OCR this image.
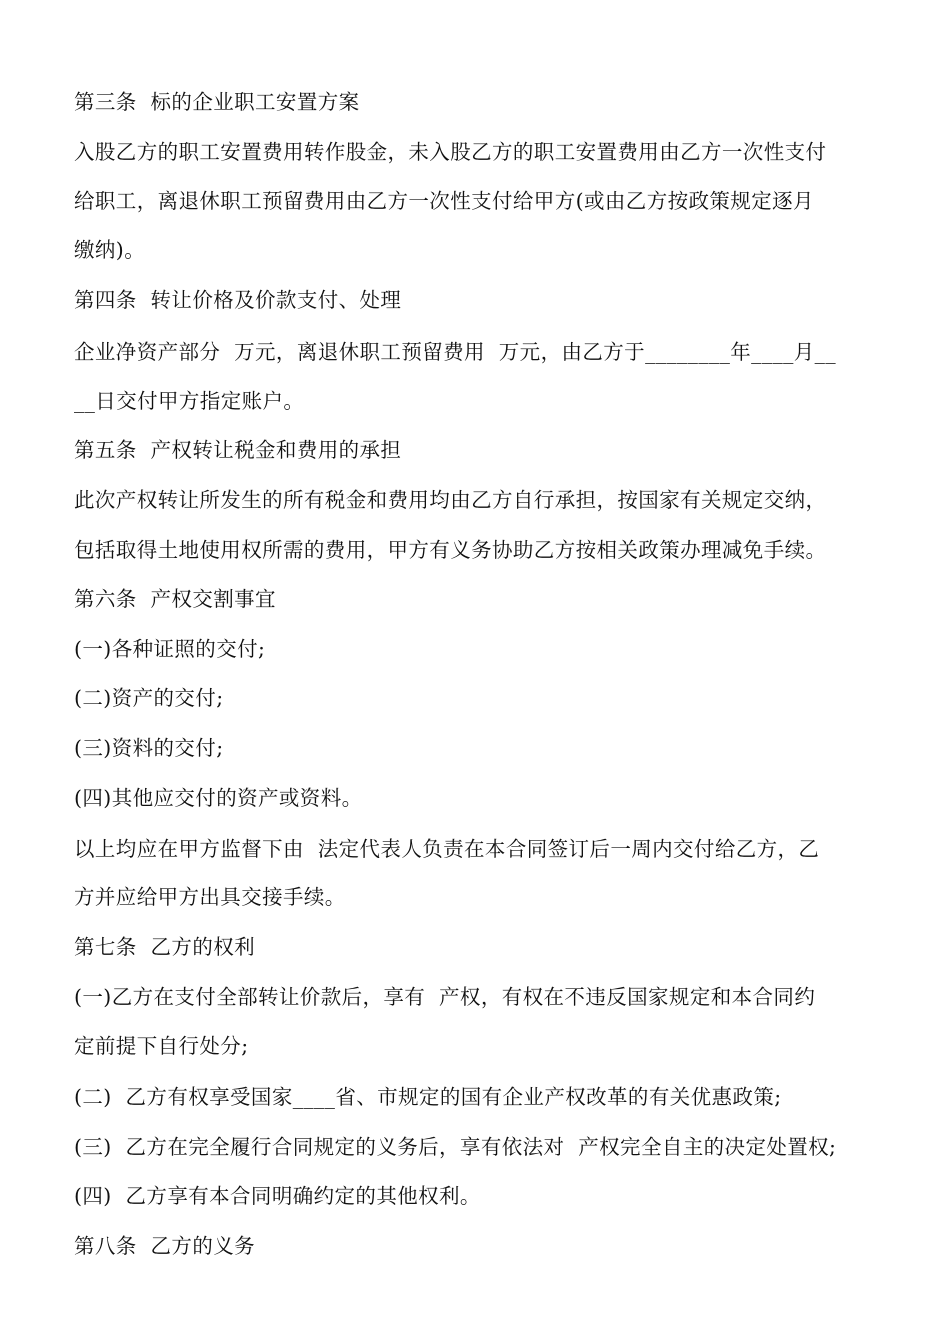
第三条  标的企业职工安置方案
入股乙方的职工安置费用转作股金，未入股乙方的职工安置费用由乙方一次性支付
给职工，离退休职工预留费用由乙方一次性支付给甲方(或由乙方按政策规定逐月
缴纳)。
第四条  转让价格及价款支付、处理
企业净资产部分  万元，离退休职工预留费用  万元，由乙方于________年____月__
__日交付甲方指定账户。
第五条  产权转让税金和费用的承担
此次产权转让所发生的所有税金和费用均由乙方自行承担，按国家有关规定交纳，
包括取得土地使用权所需的费用，甲方有义务协助乙方按相关政策办理减免手续。
第六条  产权交割事宜
(一)各种证照的交付;
(二)资产的交付;
(三)资料的交付;
(四)其他应交付的资产或资料。
以上均应在甲方监督下由  法定代表人负责在本合同签订后一周内交付给乙方，乙
方并应给甲方出具交接手续。
第七条  乙方的权利
(一)乙方在支付全部转让价款后，享有  产权，有权在不违反国家规定和本合同约
定前提下自行处分;
(二)  乙方有权享受国家____省、市规定的国有企业产权改革的有关优惠政策;
(三)  乙方在完全履行合同规定的义务后，享有依法对  产权完全自主的决定处置权;
(四)  乙方享有本合同明确约定的其他权利。
第八条  乙方的义务
